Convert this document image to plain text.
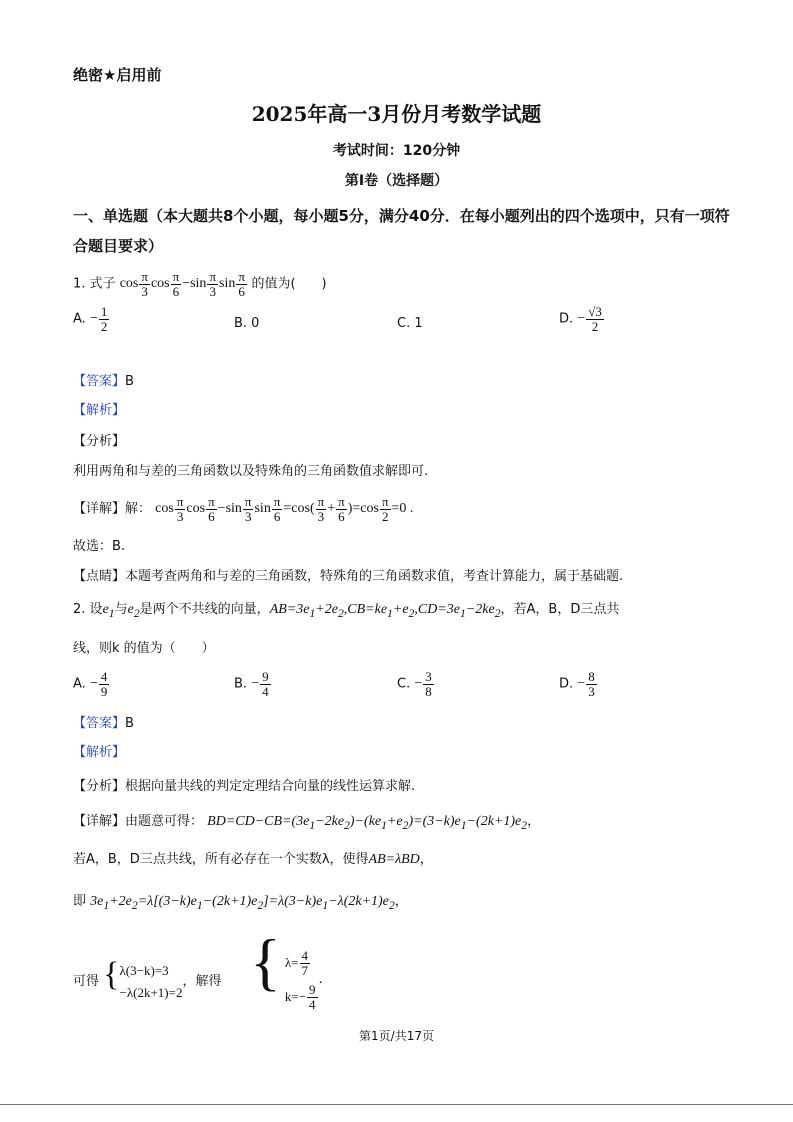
绝密★启用前
2025年高一3月份月考数学试题
考试时间：120分钟
第Ⅰ卷（选择题）
一、单选题（本大题共8个小题，每小题5分，满分40分．在每小题列出的四个选项中，只有一项符合题目要求）
1. 式子 $\cos \frac{\pi}{3}$ $\cos \frac{\pi}{6} -\sin \frac{\pi}{3}$ $\sin \frac{\pi}{6}$ 的值为(　　)
A. − $\frac{1}{2}$	B. 0	C. 1	D. − $\frac{√3}{2}$
【答案】B
【解析】
【分析】
利用两角和与差的三角函数以及特殊角的三角函数值求解即可.
【详解】解： $\cos \frac{\pi}{3}$ $\cos \frac{\pi}{6} -\sin \frac{\pi}{3}$ $\sin \frac{\pi}{6} =\cos( \frac{\pi}{3} + \frac{\pi}{6} )=\cos \frac{\pi}{2} =0$ .
故选：B.
【点睛】本题考查两角和与差的三角函数，特殊角的三角函数求值，考查计算能力，属于基础题.
2. 设$e_1$与$e_2$是两个不共线的向量，$AB=3e_1+2e_2,CB=ke_1+e_2,CD=3e_1-2ke_2$，若A，B，D三点共
线，则k 的值为（　　）
A. − $\frac{4}{9}$	B. − $\frac{9}{4}$	C. − $\frac{3}{8}$	D. − $\frac{8}{3}$
【答案】B
【解析】
【分析】根据向量共线的判定定理结合向量的线性运算求解.
【详解】由题意可得： $BD=CD-CB=(3e_1-2ke_2)-(ke_1+e_2)=(3-k)e_1-(2k+1)e_2$，
若A，B，D三点共线，所有必存在一个实数λ，使得AB=λBD，
即 $3e_1+2e_2=\lambda[(3-k)e_1-(2k+1)e_2]=\lambda(3-k)e_1-\lambda(2k+1)e_2$，
可得 { λ(3−k)=3
−λ(2k+1)=2
，解得 { $\lambda= \frac{4}{7}$
$k=- \frac{9}{4}$
.
第1页/共17页
